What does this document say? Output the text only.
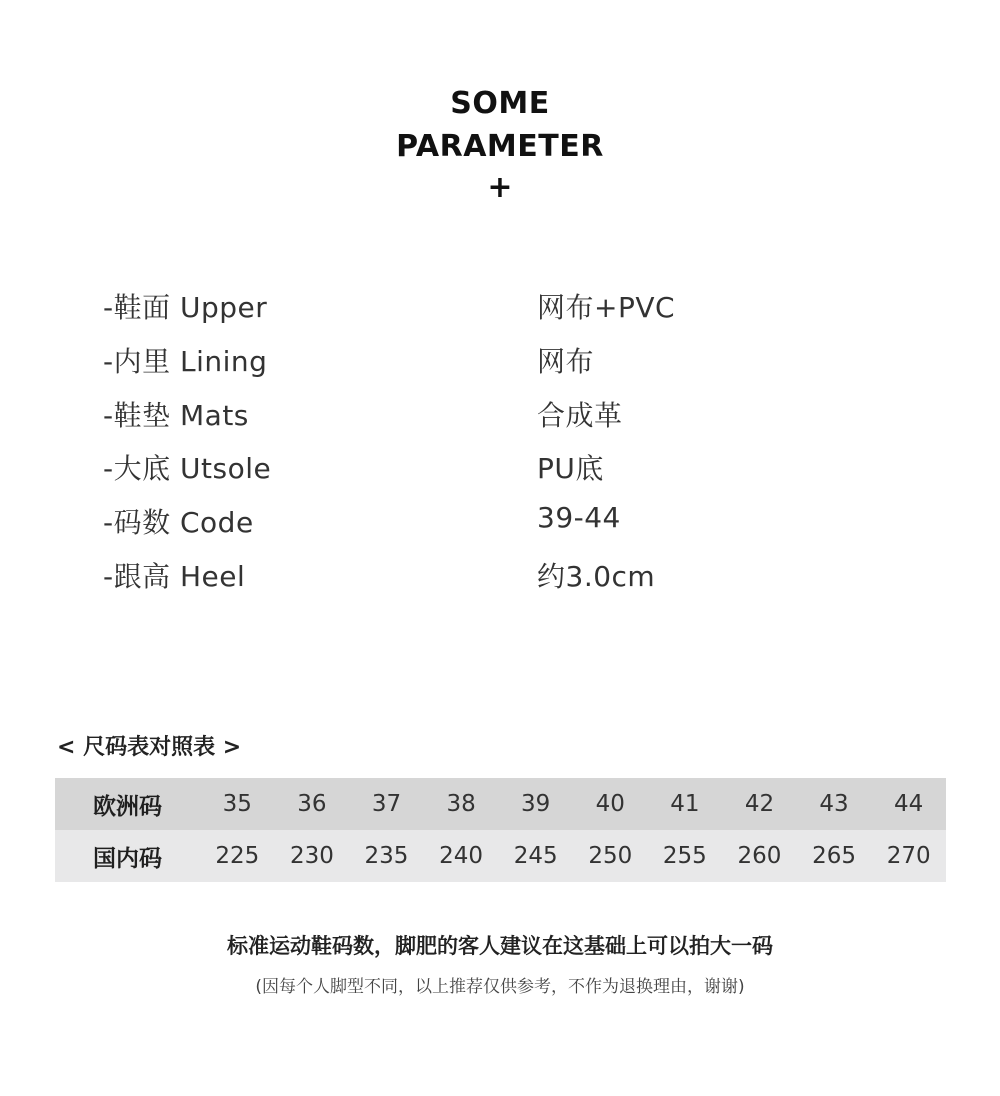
SOME
PARAMETER
+
-鞋面 Upper	网布+PVC
-内里 Lining	网布
-鞋垫 Mats	合成革
-大底 Utsole	PU底
-码数 Code	39-44
-跟高 Heel	约3.0cm
< 尺码表对照表 >
欧洲码	35	36	37	38	39	40	41	42	43	44
国内码	225	230	235	240	245	250	255	260	265	270
标准运动鞋码数，脚肥的客人建议在这基础上可以拍大一码
(因每个人脚型不同，以上推荐仅供参考，不作为退换理由，谢谢)
